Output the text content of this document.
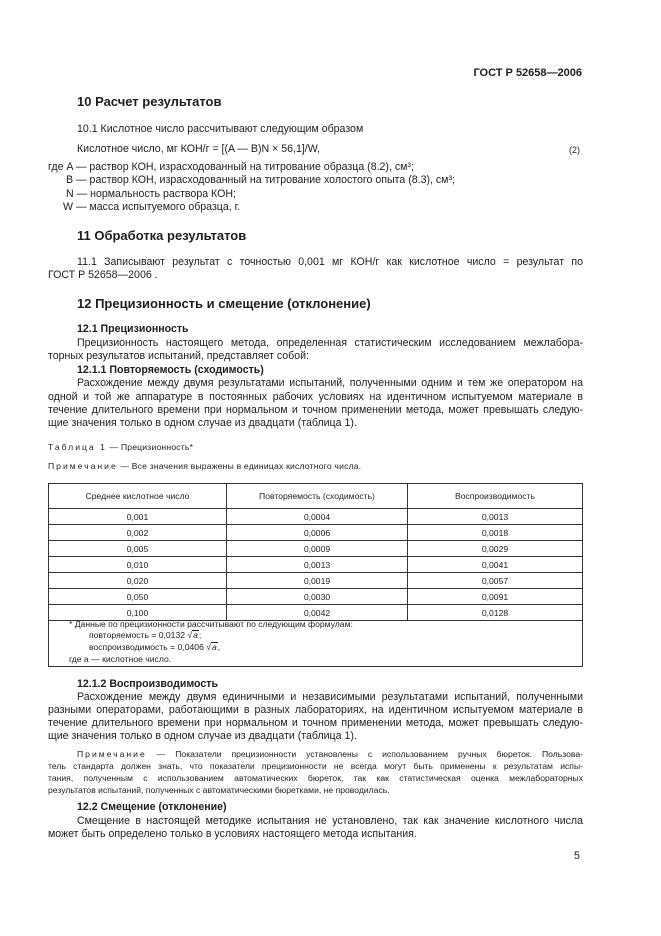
ГОСТ Р 52658—2006
10 Расчет результатов
10.1 Кислотное число рассчитывают следующим образом
Кислотное число, мг КОН/г = [(A — B)N × 56,1]/W,	(2)
где A — раствор КОН, израсходованный на титрование образца (8.2), см³;
B — раствор КОН, израсходованный на титрование холостого опыта (8.3), см³;
N — нормальность раствора КОН;
W — масса испытуемого образца, г.
11 Обработка результатов
11.1 Записывают результат с точностью 0,001 мг КОН/г как кислотное число = результат по
ГОСТ Р 52658—2006 .
12 Прецизионность и смещение (отклонение)
12.1 Прецизионность
Прецизионность настоящего метода, определенная статистическим исследованием межлабора-
торных результатов испытаний, представляет собой:
12.1.1 Повторяемость (сходимость)
Расхождение между двумя результатами испытаний, полученными одним и тем же оператором на
одной и той же аппаратуре в постоянных рабочих условиях на идентичном испытуемом материале в
течение длительного времени при нормальном и точном применении метода, может превышать следую-
щие значения только в одном случае из двадцати (таблица 1).
Таблица 1 — Прецизионность*
Примечание — Все значения выражены в единицах кислотного числа.
Среднее кислотное число	Повторяемость (сходимость)	Воспроизводимость
0,001	0,0004	0,0013
0,002	0,0006	0,0018
0,005	0,0009	0,0029
0,010	0,0013	0,0041
0,020	0,0019	0,0057
0,050	0,0030	0,0091
0,100	0,0042	0,0128
* Данные по прецизионности рассчитывают по следующим формулам:
повторяемость = 0,0132 √a;
воспроизводимость = 0,0406 √a,
где a — кислотное число.
12.1.2 Воспроизводимость
Расхождение между двумя единичными и независимыми результатами испытаний, полученными
разными операторами, работающими в разных лабораториях, на идентичном испытуемом материале в
течение длительного времени при нормальном и точном применении метода, может превышать следую-
щие значения только в одном случае из двадцати (таблица 1).
Примечание — Показатели прецизионности установлены с использованием ручных бюреток. Пользова-
тель стандарта должен знать, что показатели прецизионности не всегда могут быть применены к результатам испы-
тания, полученным с использованием автоматических бюреток, так как статистическая оценка межлабораторных
результатов испытаний, полученных с автоматическими бюретками, не проводилась.
12.2 Смещение (отклонение)
Смещение в настоящей методике испытания не установлено, так как значение кислотного числа
может быть определено только в условиях настоящего метода испытания.
5
